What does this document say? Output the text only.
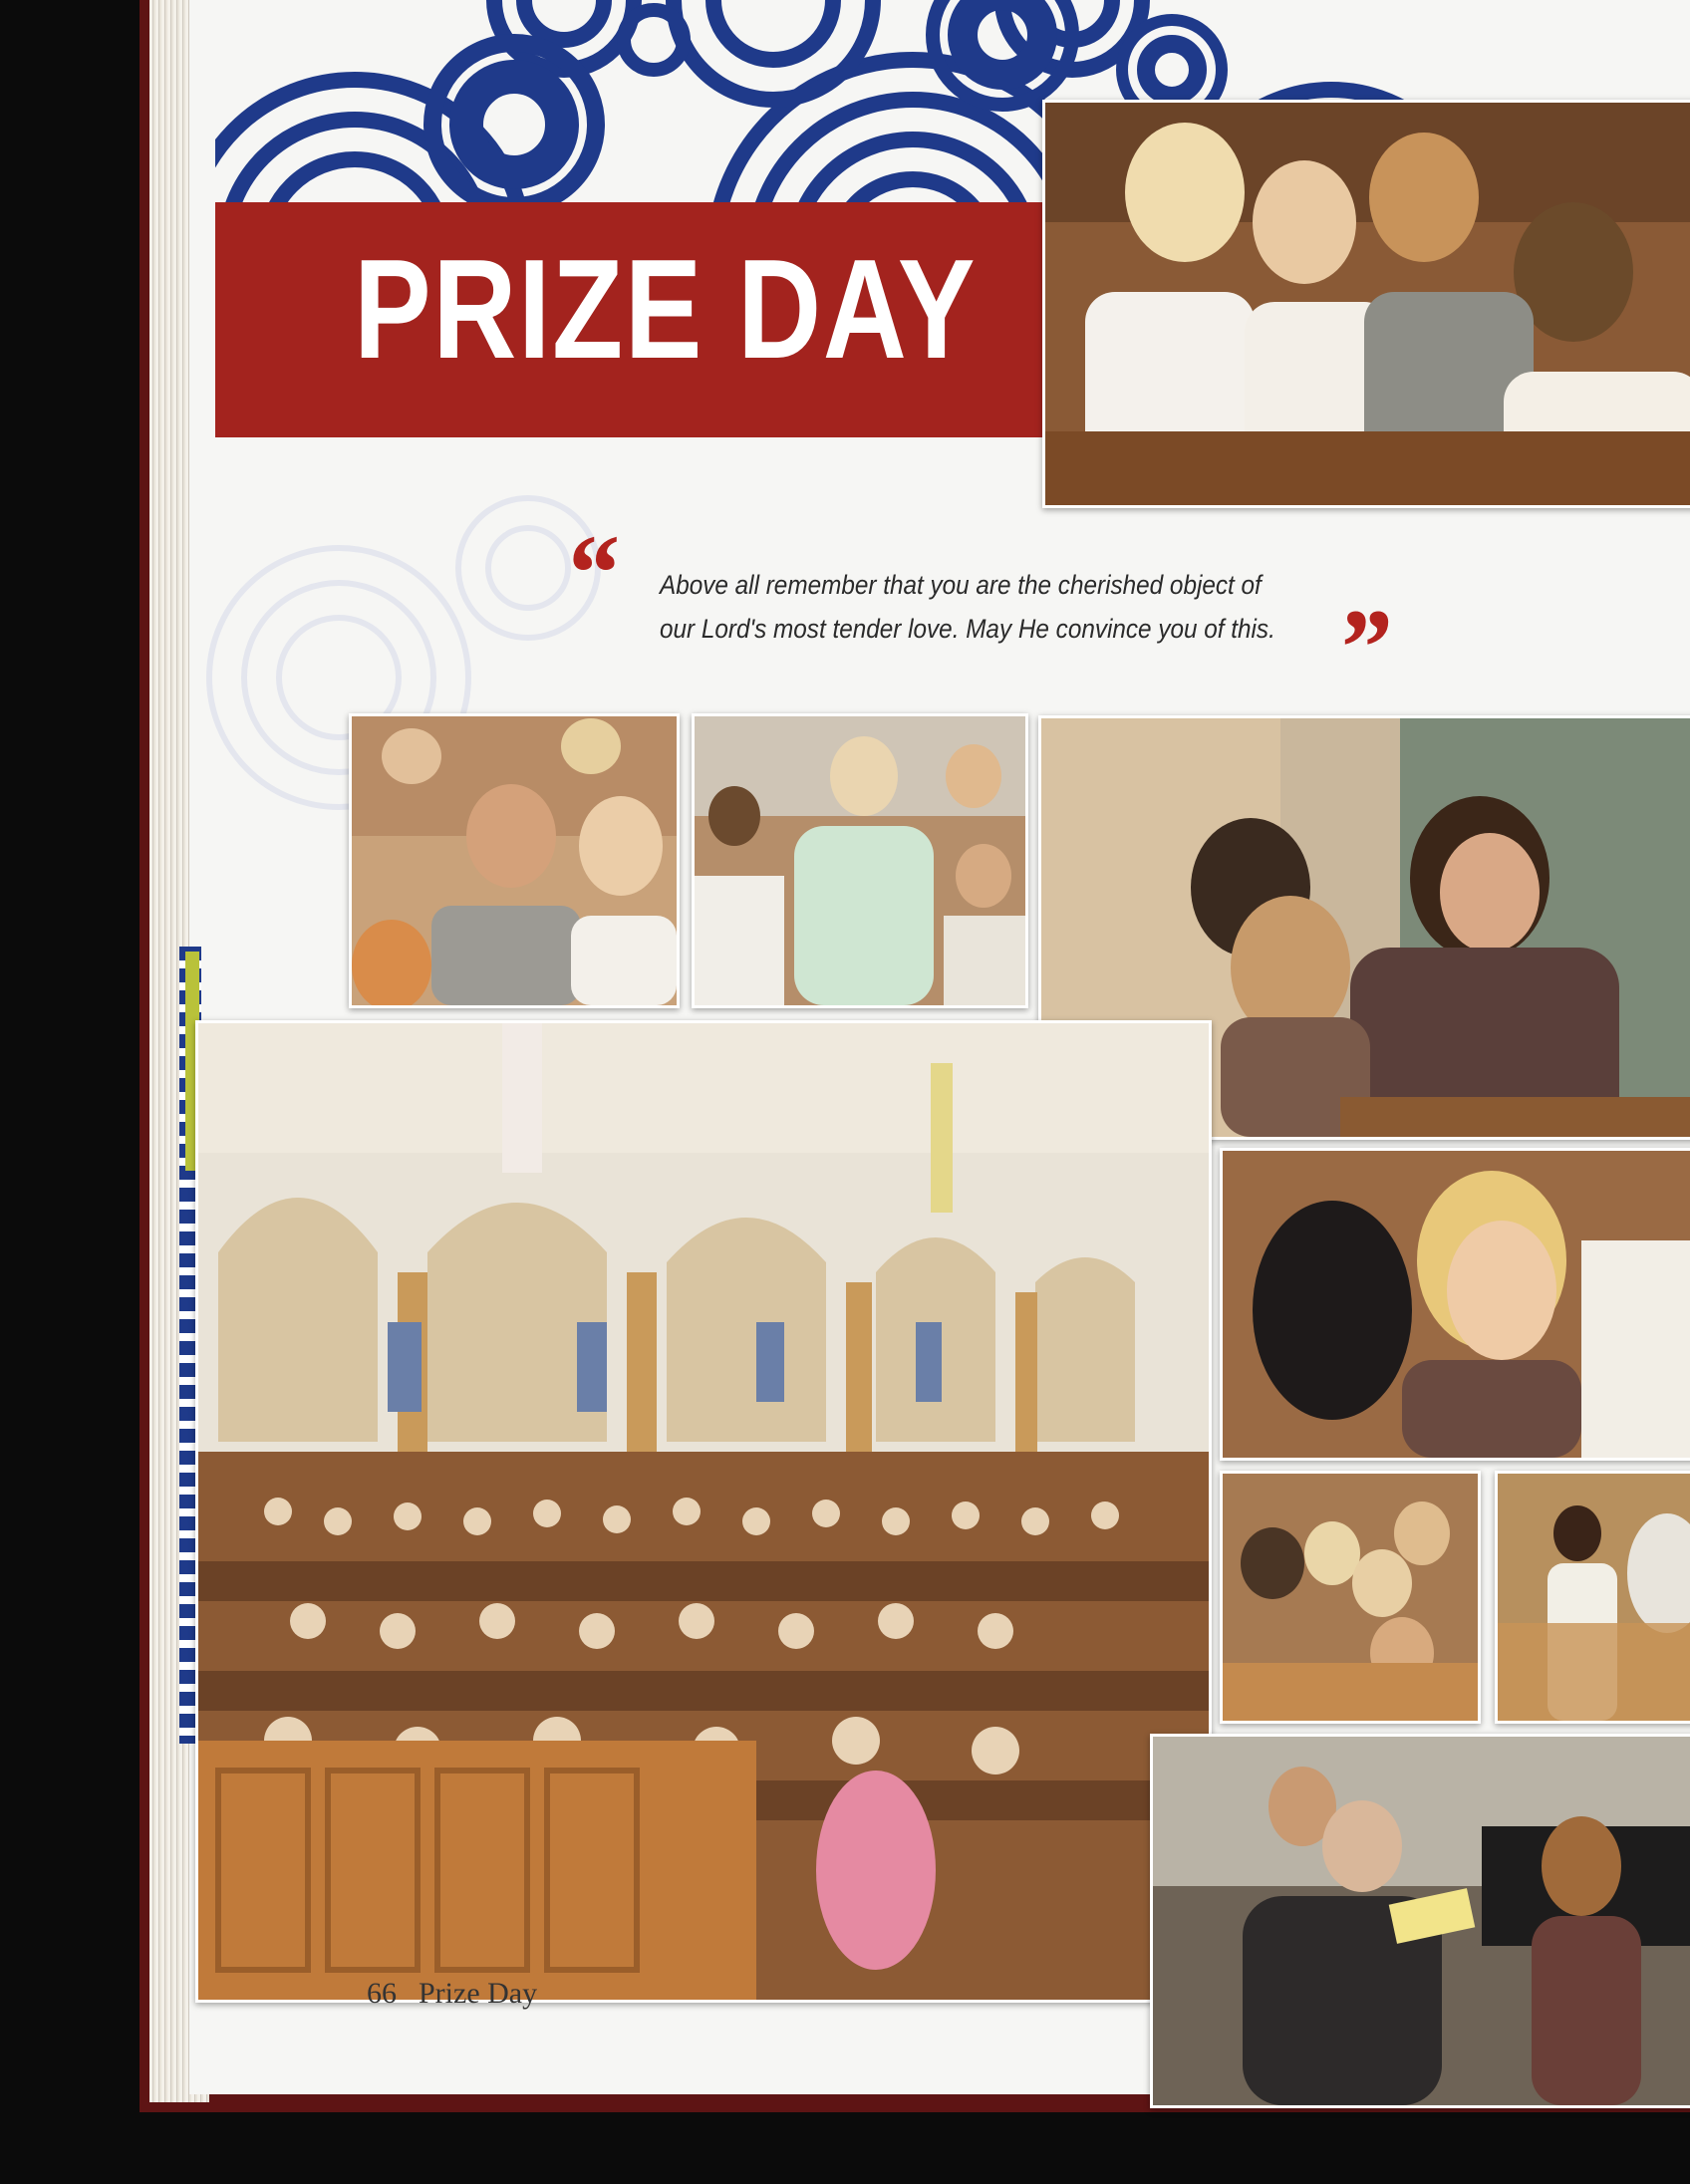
PRIZE DAY
“ Above all remember that you are the cherished object of
our Lord's most tender love. May He convince you of this. ”
66 Prize Day
